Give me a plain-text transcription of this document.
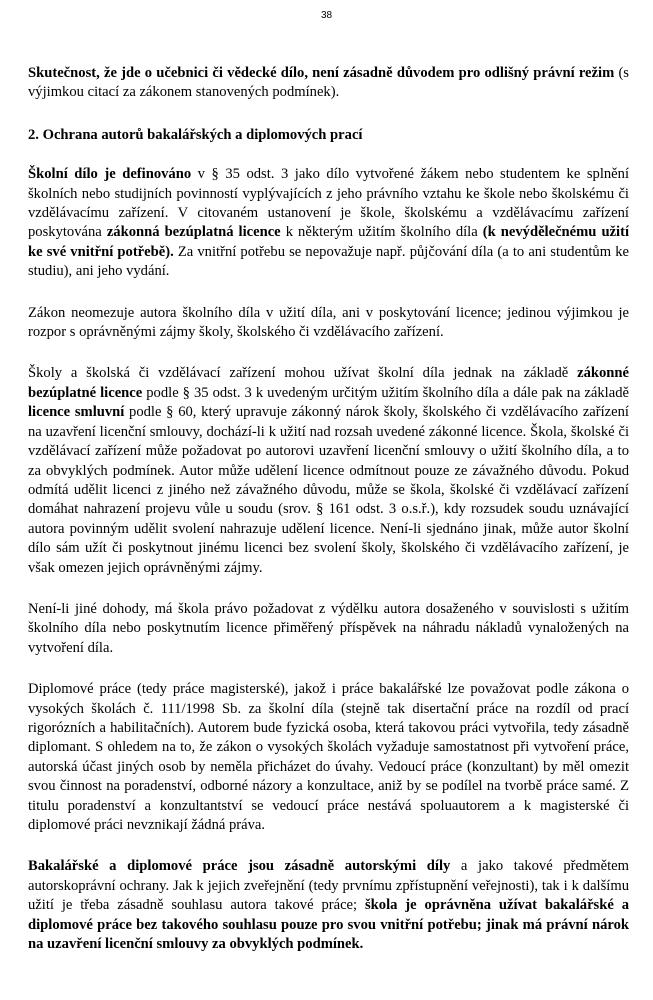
38

Skutečnost, že jde o učebnici či vědecké dílo, není zásadně důvodem pro odlišný právní režim (s výjimkou citací za zákonem stanovených podmínek).

2. Ochrana autorů bakalářských a diplomových prací

Školní dílo je definováno v § 35 odst. 3 jako dílo vytvořené žákem nebo studentem ke splnění školních nebo studijních povinností vyplývajících z jeho právního vztahu ke škole nebo školskému či vzdělávacímu zařízení. V citovaném ustanovení je škole, školskému a vzdělávacímu zařízení poskytována zákonná bezúplatná licence k některým užitím školního díla (k nevýdělečnému užití ke své vnitřní potřebě). Za vnitřní potřebu se nepovažuje např. půjčování díla (a to ani studentům ke studiu), ani jeho vydání.

Zákon neomezuje autora školního díla v užití díla, ani v poskytování licence; jedinou výjimkou je rozpor s oprávněnými zájmy školy, školského či vzdělávacího zařízení.

Školy a školská či vzdělávací zařízení mohou užívat školní díla jednak na základě zákonné bezúplatné licence podle § 35 odst. 3 k uvedeným určitým užitím školního díla a dále pak na základě licence smluvní podle § 60, který upravuje zákonný nárok školy, školského či vzdělávacího zařízení na uzavření licenční smlouvy, dochází-li k užití nad rozsah uvedené zákonné licence. Škola, školské či vzdělávací zařízení může požadovat po autorovi uzavření licenční smlouvy o užití školního díla, a to za obvyklých podmínek. Autor může udělení licence odmítnout pouze ze závažného důvodu. Pokud odmítá udělit licenci z jiného než závažného důvodu, může se škola, školské či vzdělávací zařízení domáhat nahrazení projevu vůle u soudu (srov. § 161 odst. 3 o.s.ř.), kdy rozsudek soudu uznávající autora povinným udělit svolení nahrazuje udělení licence. Není-li sjednáno jinak, může autor školní dílo sám užít či poskytnout jinému licenci bez svolení školy, školského či vzdělávacího zařízení, je však omezen jejich oprávněnými zájmy.

Není-li jiné dohody, má škola právo požadovat z výdělku autora dosaženého v souvislosti s užitím školního díla nebo poskytnutím licence přiměřený příspěvek na náhradu nákladů vynaložených na vytvoření díla.

Diplomové práce (tedy práce magisterské), jakož i práce bakalářské lze považovat podle zákona o vysokých školách č. 111/1998 Sb. za školní díla (stejně tak disertační práce na rozdíl od prací rigorózních a habilitačních). Autorem bude fyzická osoba, která takovou práci vytvořila, tedy zásadně diplomant. S ohledem na to, že zákon o vysokých školách vyžaduje samostatnost při vytvoření práce, autorská účast jiných osob by neměla přicházet do úvahy. Vedoucí práce (konzultant) by měl omezit svou činnost na poradenství, odborné názory a konzultace, aniž by se podílel na tvorbě práce samé. Z titulu poradenství a konzultantství se vedoucí práce nestává spoluautorem a k magisterské či diplomové práci nevznikají žádná práva.

Bakalářské a diplomové práce jsou zásadně autorskými díly a jako takové předmětem autorskoprávní ochrany. Jak k jejich zveřejnění (tedy prvnímu zpřístupnění veřejnosti), tak i k dalšímu užití je třeba zásadně souhlasu autora takové práce; škola je oprávněna užívat bakalářské a diplomové práce bez takového souhlasu pouze pro svou vnitřní potřebu; jinak má právní nárok na uzavření licenční smlouvy za obvyklých podmínek.
